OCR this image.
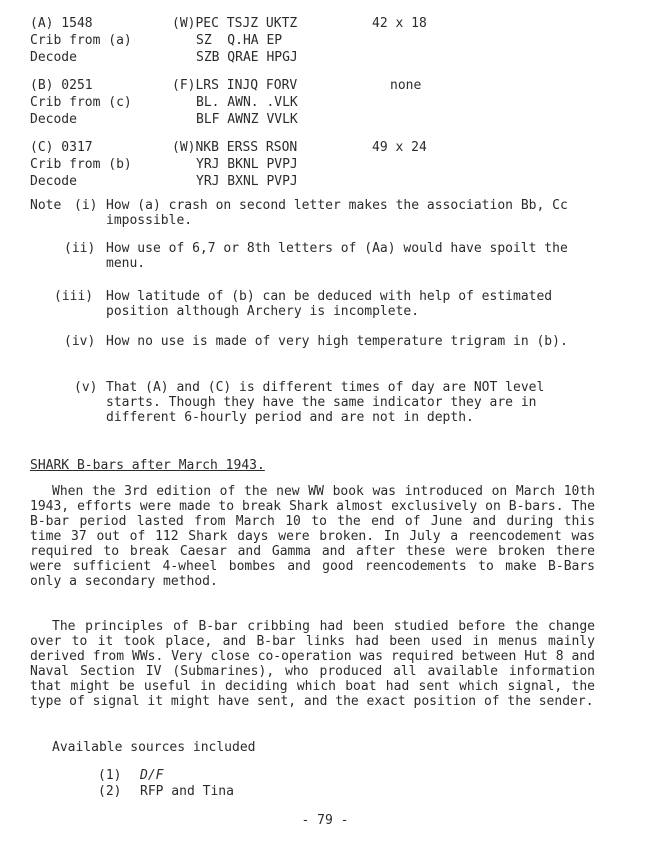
(A) 1548
Crib from (a)
Decode
(W)PEC TSJZ UKTZ
SZ  Q.HA EP
SZB QRAE HPGJ
42 x 18
(B) 0251
Crib from (c)
Decode
(F)LRS INJQ FORV
BL. AWN. .VLK
BLF AWNZ VVLK
none
(C) 0317
Crib from (b)
Decode
(W)NKB ERSS RSON
YRJ BKNL PVPJ
YRJ BXNL PVPJ
49 x 24
Note (i) How (a) crash on second letter makes the association Bb, Cc impossible.
(ii) How use of 6,7 or 8th letters of (Aa) would have spoilt the menu.
(iii) How latitude of (b) can be deduced with help of estimated position although Archery is incomplete.
(iv) How no use is made of very high temperature trigram in (b).
(v) That (A) and (C) is different times of day are NOT level starts. Though they have the same indicator they are in different 6-hourly period and are not in depth.
SHARK B-bars after March 1943.
When the 3rd edition of the new WW book was introduced on March 10th 1943, efforts were made to break Shark almost exclusively on B-bars. The B-bar period lasted from March 10 to the end of June and during this time 37 out of 112 Shark days were broken. In July a reencodement was required to break Caesar and Gamma and after these were broken there were sufficient 4-wheel bombes and good reencodements to make B-Bars only a secondary method.
The principles of B-bar cribbing had been studied before the change over to it took place, and B-bar links had been used in menus mainly derived from WWs. Very close co-operation was required between Hut 8 and Naval Section IV (Submarines), who produced all available information that might be useful in deciding which boat had sent which signal, the type of signal it might have sent, and the exact position of the sender.
Available sources included
(1) D/F
(2) RFP and Tina
- 79 -
